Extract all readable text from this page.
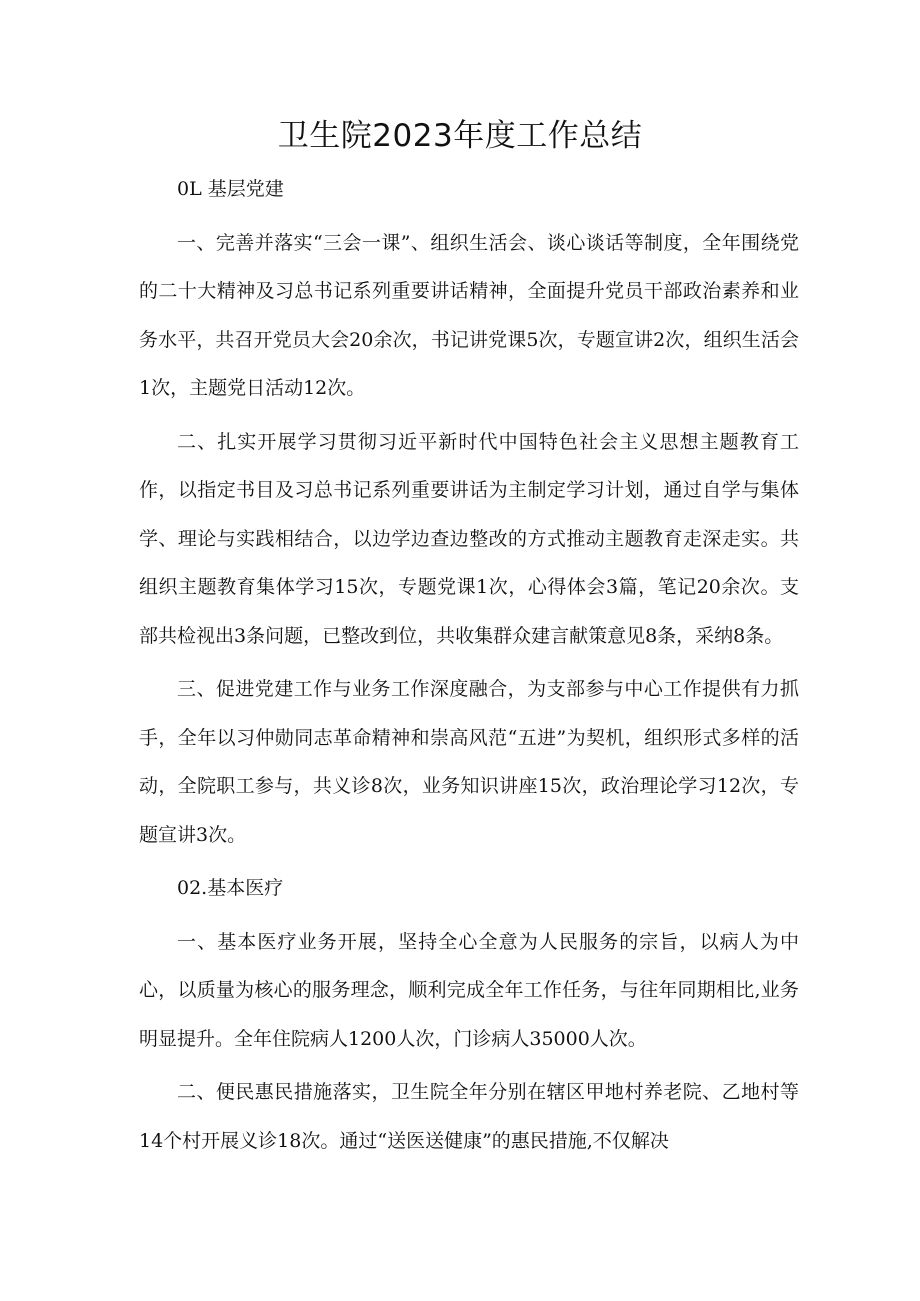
卫生院2023年度工作总结

0L 基层党建

一、完善并落实“三会一课”、组织生活会、谈心谈话等制度，全年围绕党的二十大精神及习总书记系列重要讲话精神，全面提升党员干部政治素养和业务水平，共召开党员大会20余次，书记讲党课5次，专题宣讲2次，组织生活会1次，主题党日活动12次。

二、扎实开展学习贯彻习近平新时代中国特色社会主义思想主题教育工作，以指定书目及习总书记系列重要讲话为主制定学习计划，通过自学与集体学、理论与实践相结合，以边学边查边整改的方式推动主题教育走深走实。共组织主题教育集体学习15次，专题党课1次，心得体会3篇，笔记20余次。支部共检视出3条问题，已整改到位，共收集群众建言献策意见8条，采纳8条。

三、促进党建工作与业务工作深度融合，为支部参与中心工作提供有力抓手，全年以习仲勋同志革命精神和崇高风范“五进”为契机，组织形式多样的活动，全院职工参与，共义诊8次，业务知识讲座15次，政治理论学习12次，专题宣讲3次。

02.基本医疗

一、基本医疗业务开展，坚持全心全意为人民服务的宗旨，以病人为中心，以质量为核心的服务理念，顺利完成全年工作任务，与往年同期相比,业务明显提升。全年住院病人1200人次，门诊病人35000人次。

二、便民惠民措施落实，卫生院全年分别在辖区甲地村养老院、乙地村等14个村开展义诊18次。通过“送医送健康”的惠民措施,不仅解决
